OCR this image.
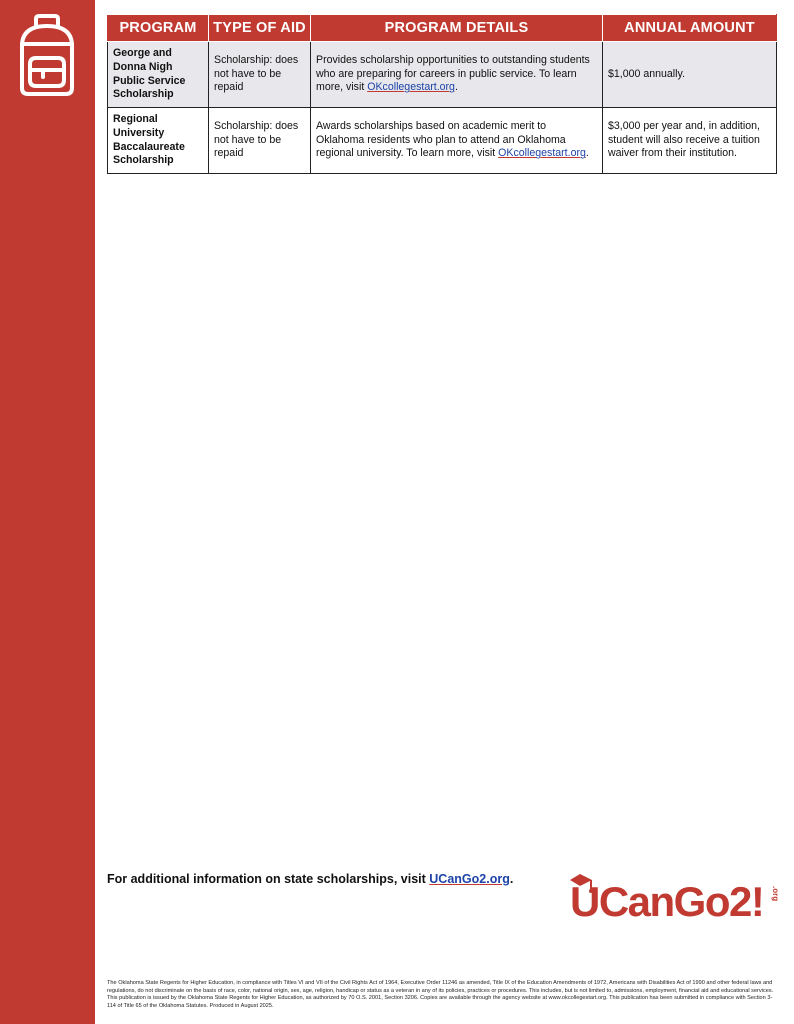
PROGRAM	TYPE OF AID	PROGRAM DETAILS	ANNUAL AMOUNT
George and Donna Nigh Public Service Scholarship	Scholarship: does not have to be repaid	Provides scholarship opportunities to outstanding students who are preparing for careers in public service. To learn more, visit OKcollegestart.org.	$1,000 annually.
Regional University Baccalaureate Scholarship	Scholarship: does not have to be repaid	Awards scholarships based on academic merit to Oklahoma residents who plan to attend an Oklahoma regional university. To learn more, visit OKcollegestart.org.	$3,000 per year and, in addition, student will also receive a tuition waiver from their institution.
For additional information on state scholarships, visit UCanGo2.org. UCanGo2! .org
The Oklahoma State Regents for Higher Education, in compliance with Titles VI and VII of the Civil Rights Act of 1964, Executive Order 11246 as amended, Title IX of the Education Amendments of 1972, Americans with Disabilities Act of 1990 and other federal laws and regulations, do not discriminate on the basis of race, color, national origin, sex, age, religion, handicap or status as a veteran in any of its policies, practices or procedures. This includes, but is not limited to, admissions, employment, financial aid and educational services. This publication is issued by the Oklahoma State Regents for Higher Education, as authorized by 70 O.S. 2001, Section 3206. Copies are available through the agency website at www.okcollegestart.org. This publication has been submitted in compliance with Section 3-114 of Title 65 of the Oklahoma Statutes. Produced in August 2025.
